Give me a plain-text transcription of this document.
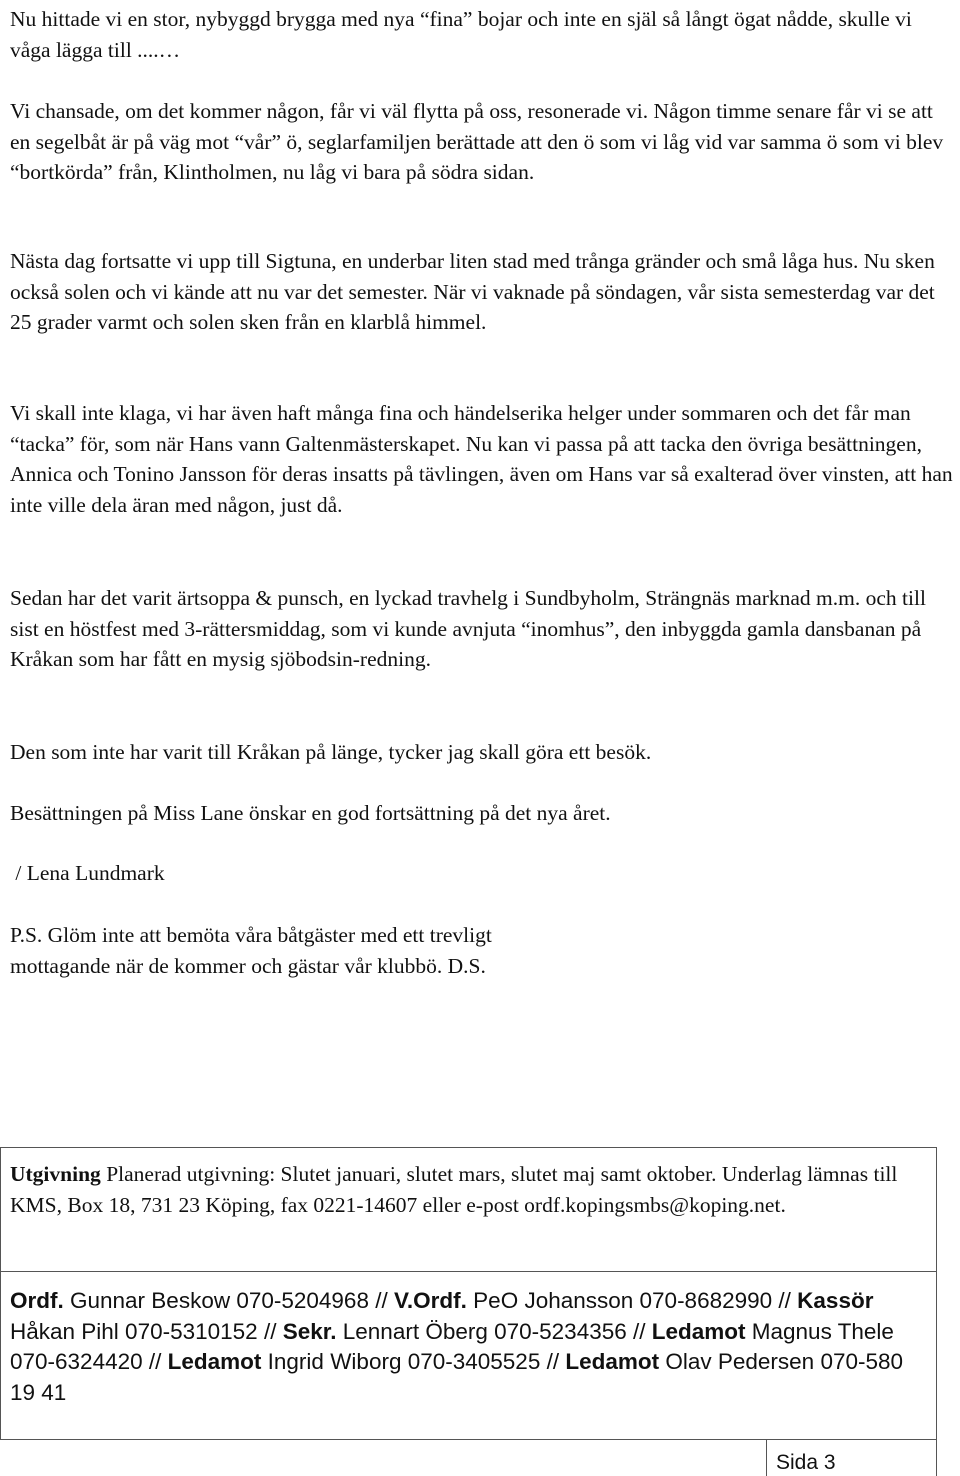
Nu hittade vi en stor, nybyggd brygga med nya “fina” bojar och inte en själ så långt ögat nådde, skulle vi våga lägga till ....…

Vi chansade, om det kommer någon, får vi väl flytta på oss, resonerade vi. Någon timme senare får vi se att en segelbåt är på väg mot “vår” ö, seglarfamiljen berättade att den ö som vi låg vid var samma ö som vi blev “bortkörda” från, Klintholmen, nu låg vi bara på södra sidan.

Nästa dag fortsatte vi upp till Sigtuna, en underbar liten stad med trånga gränder och små låga hus. Nu sken också solen och vi kände att nu var det semester. När vi vaknade på söndagen, vår sista semesterdag var det 25 grader varmt och solen sken från en klarblå himmel.

Vi skall inte klaga, vi har även haft många fina och händelserika helger under sommaren och det får man “tacka” för, som när Hans vann Galtenmästerskapet. Nu kan vi passa på att tacka den övriga besättningen, Annica och Tonino Jansson för deras insatts på tävlingen, även om Hans var så exalterad över vinsten, att han inte ville dela äran med någon, just då.

Sedan har det varit ärtsoppa & punsch, en lyckad travhelg i Sundbyholm, Strängnäs marknad m.m. och till sist en höstfest med 3-rättersmiddag, som vi kunde avnjuta “inomhus”, den inbyggda gamla dansbanan på Kråkan som har fått en mysig sjöbodsin-redning.

Den som inte har varit till Kråkan på länge, tycker jag skall göra ett besök.

Besättningen på Miss Lane önskar en god fortsättning på det nya året.

/ Lena Lundmark

P.S. Glöm inte att bemöta våra båtgäster med ett trevligt

mottagande när de kommer och gästar vår klubbö. D.S.

Utgivning Planerad utgivning: Slutet januari, slutet mars, slutet maj samt oktober. Underlag lämnas till KMS, Box 18, 731 23 Köping, fax 0221-14607 eller e-post ordf.kopingsmbs@koping.net.
Ordf. Gunnar Beskow 070-5204968 // V.Ordf. PeO Johansson 070-8682990 // Kassör Håkan Pihl 070-5310152 // Sekr. Lennart Öberg 070-5234356 // Ledamot Magnus Thele 070-6324420 // Ledamot Ingrid Wiborg 070-3405525 // Ledamot Olav Pedersen 070-580 19 41
Sida 3
